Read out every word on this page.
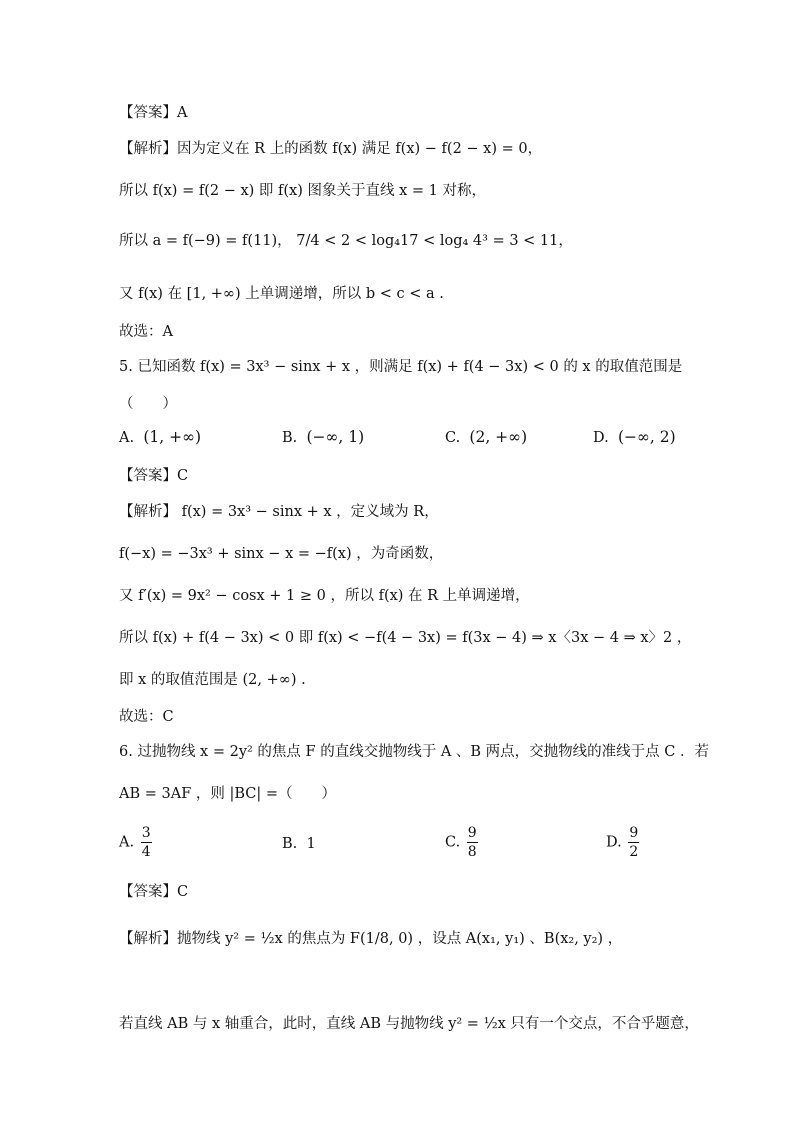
【答案】A
【解析】因为定义在 R 上的函数 f(x) 满足 f(x) − f(2 − x) = 0，
所以 f(x) = f(2 − x) 即 f(x) 图象关于直线 x = 1 对称，
所以 a = f(−9) = f(11)， 7/4 < 2 < log₄17 < log₄ 4³ = 3 < 11，
又 f(x) 在 [1, +∞) 上单调递增，所以 b < c < a .
故选：A
5. 已知函数 f(x) = 3x³ − sinx + x ，则满足 f(x) + f(4 − 3x) < 0 的 x 的取值范围是
（　　）
A. (1, +∞)	B. (−∞, 1)	C. (2, +∞)	D. (−∞, 2)
【答案】C
【解析】 f(x) = 3x³ − sinx + x ，定义域为 R，
f(−x) = −3x³ + sinx − x = −f(x) ，为奇函数，
又 f′(x) = 9x² − cosx + 1 ≥ 0 ，所以 f(x) 在 R 上单调递增，
所以 f(x) + f(4 − 3x) < 0 即 f(x) < −f(4 − 3x) = f(3x − 4) ⇒ x〈3x − 4 ⇒ x〉2 ，
即 x 的取值范围是 (2, +∞) .
故选：C
6. 过抛物线 x = 2y² 的焦点 F 的直线交抛物线于 A 、B 两点，交抛物线的准线于点 C ．若
AB = 3AF ，则 |BC| =（　　）
A. $\frac{3}{4}$	B. 1	C. $\frac{9}{8}$	D. $\frac{9}{2}$
【答案】C
【解析】抛物线 y² = ½x 的焦点为 F(1/8, 0) ，设点 A(x₁, y₁) 、B(x₂, y₂) ，
若直线 AB 与 x 轴重合，此时，直线 AB 与抛物线 y² = ½x 只有一个交点，不合乎题意，
